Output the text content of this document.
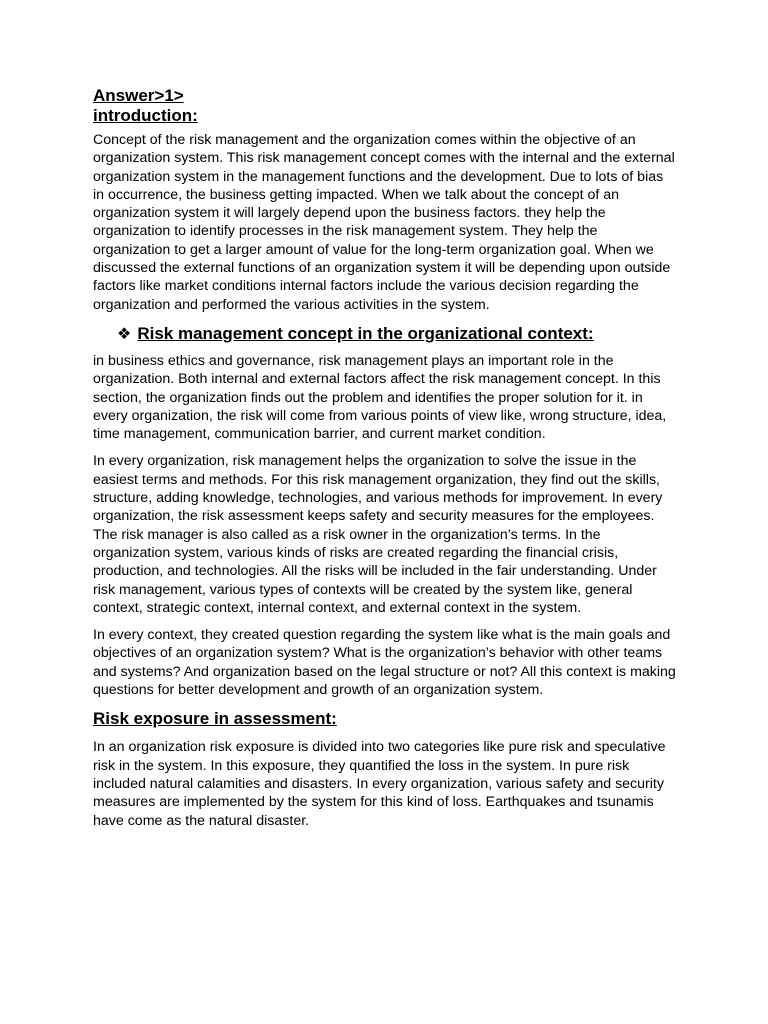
Answer>1>
introduction:

Concept of the risk management and the organization comes within the objective of an organization system. This risk management concept comes with the internal and the external organization system in the management functions and the development. Due to lots of bias in occurrence, the business getting impacted. When we talk about the concept of an organization system it will largely depend upon the business factors. they help the organization to identify processes in the risk management system. They help the organization to get a larger amount of value for the long-term organization goal. When we discussed the external functions of an organization system it will be depending upon outside factors like market conditions internal factors include the various decision regarding the organization and performed the various activities in the system.

❖ Risk management concept in the organizational context:

in business ethics and governance, risk management plays an important role in the organization. Both internal and external factors affect the risk management concept. In this section, the organization finds out the problem and identifies the proper solution for it. in every organization, the risk will come from various points of view like, wrong structure, idea, time management, communication barrier, and current market condition.

In every organization, risk management helps the organization to solve the issue in the easiest terms and methods. For this risk management organization, they find out the skills, structure, adding knowledge, technologies, and various methods for improvement. In every organization, the risk assessment keeps safety and security measures for the employees. The risk manager is also called as a risk owner in the organization’s terms. In the organization system, various kinds of risks are created regarding the financial crisis, production, and technologies. All the risks will be included in the fair understanding. Under risk management, various types of contexts will be created by the system like, general context, strategic context, internal context, and external context in the system.

In every context, they created question regarding the system like what is the main goals and objectives of an organization system? What is the organization’s behavior with other teams and systems? And organization based on the legal structure or not? All this context is making questions for better development and growth of an organization system.

Risk exposure in assessment:

In an organization risk exposure is divided into two categories like pure risk and speculative risk in the system. In this exposure, they quantified the loss in the system. In pure risk included natural calamities and disasters. In every organization, various safety and security measures are implemented by the system for this kind of loss. Earthquakes and tsunamis have come as the natural disaster.
